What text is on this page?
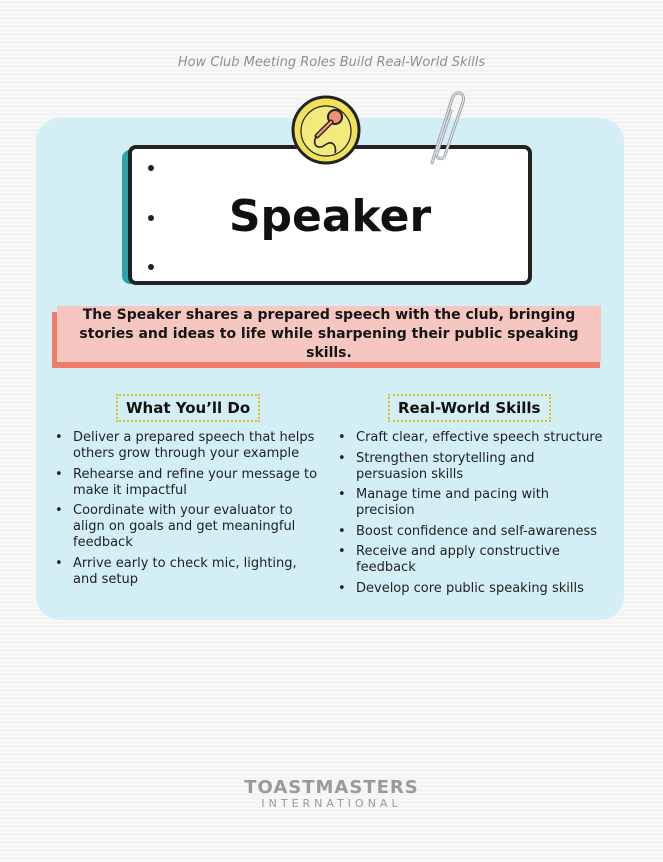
How Club Meeting Roles Build Real-World Skills
Speaker
The Speaker shares a prepared speech with the club, bringing stories and ideas to life while sharpening their public speaking skills.
What You’ll Do	Real-World Skills
• Deliver a prepared speech that helps others grow through your example
• Rehearse and refine your message to make it impactful
• Coordinate with your evaluator to align on goals and get meaningful feedback
• Arrive early to check mic, lighting, and setup
• Craft clear, effective speech structure
• Strengthen storytelling and persuasion skills
• Manage time and pacing with precision
• Boost confidence and self-awareness
• Receive and apply constructive feedback
• Develop core public speaking skills
TOASTMASTERS
INTERNATIONAL
